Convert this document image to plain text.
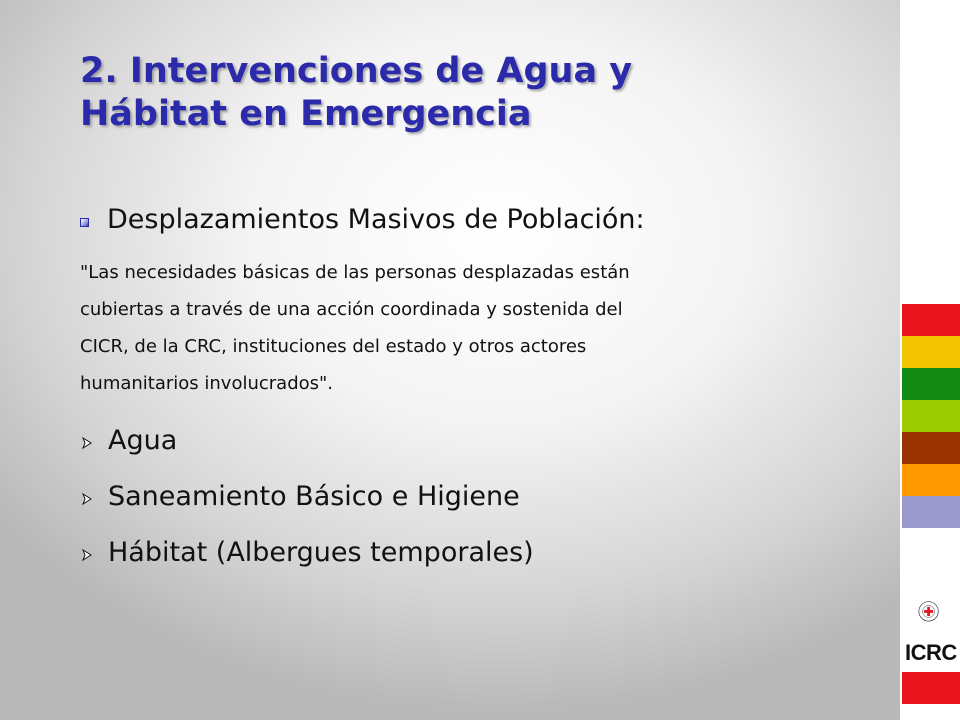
2. Intervenciones de Agua y
Hábitat en Emergencia
Desplazamientos Masivos de Población:
"Las necesidades básicas de las personas desplazadas están
cubiertas a través de una acción coordinada y sostenida del
CICR, de la CRC, instituciones del estado y otros actores
humanitarios involucrados".
Agua
Saneamiento Básico e Higiene
Hábitat (Albergues temporales)
ICRC
